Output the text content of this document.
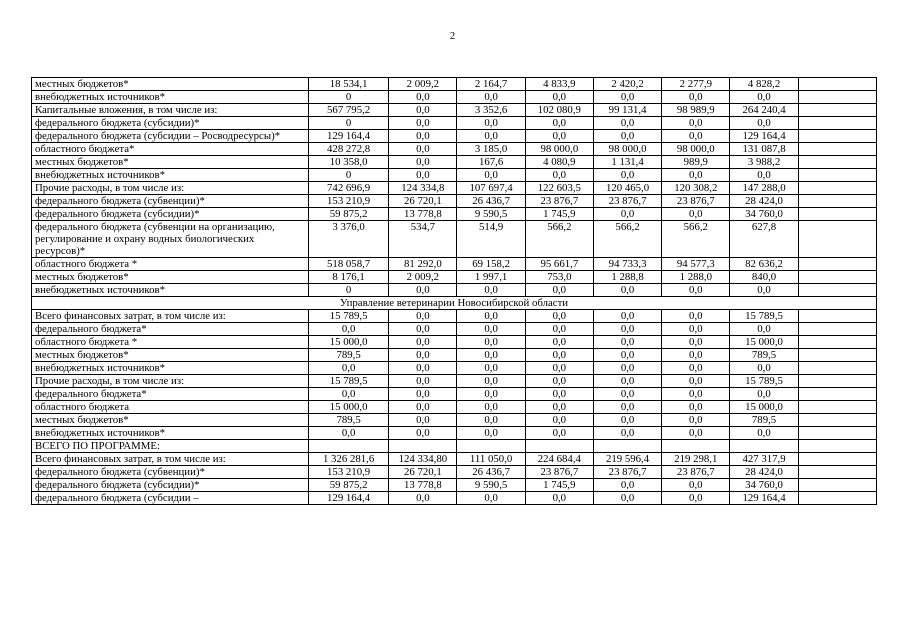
2
местных бюджетов*	18 534,1	2 009,2	2 164,7	4 833,9	2 420,2	2 277,9	4 828,2	
внебюджетных источников*	0	0,0	0,0	0,0	0,0	0,0	0,0	
Капитальные вложения, в том числе из:	567 795,2	0,0	3 352,6	102 080,9	99 131,4	98 989,9	264 240,4	
федерального бюджета (субсидии)*	0	0,0	0,0	0,0	0,0	0,0	0,0	
федерального бюджета (субсидии – Росводресурсы)*	129 164,4	0,0	0,0	0,0	0,0	0,0	129 164,4	
областного бюджета*	428 272,8	0,0	3 185,0	98 000,0	98 000,0	98 000,0	131 087,8	
местных бюджетов*	10 358,0	0,0	167,6	4 080,9	1 131,4	989,9	3 988,2	
внебюджетных источников*	0	0,0	0,0	0,0	0,0	0,0	0,0	
Прочие расходы, в том числе из:	742 696,9	124 334,8	107 697,4	122 603,5	120 465,0	120 308,2	147 288,0	
федерального бюджета (субвенции)*	153 210,9	26 720,1	26 436,7	23 876,7	23 876,7	23 876,7	28 424,0	
федерального бюджета (субсидии)*	59 875,2	13 778,8	9 590,5	1 745,9	0,0	0,0	34 760,0	
федерального бюджета (субвенции на организацию, регулирование и охрану водных биологических ресурсов)*	3 376,0	534,7	514,9	566,2	566,2	566,2	627,8	
областного бюджета *	518 058,7	81 292,0	69 158,2	95 661,7	94 733,3	94 577,3	82 636,2	
местных бюджетов*	8 176,1	2 009,2	1 997,1	753,0	1 288,8	1 288,0	840,0	
внебюджетных источников*	0	0,0	0,0	0,0	0,0	0,0	0,0	
Управление ветеринарии Новосибирской области								
Всего финансовых затрат, в том числе из:	15 789,5	0,0	0,0	0,0	0,0	0,0	15 789,5	
федерального бюджета*	0,0	0,0	0,0	0,0	0,0	0,0	0,0	
областного бюджета *	15 000,0	0,0	0,0	0,0	0,0	0,0	15 000,0	
местных бюджетов*	789,5	0,0	0,0	0,0	0,0	0,0	789,5	
внебюджетных источников*	0,0	0,0	0,0	0,0	0,0	0,0	0,0	
Прочие расходы, в том числе из:	15 789,5	0,0	0,0	0,0	0,0	0,0	15 789,5	
федерального бюджета*	0,0	0,0	0,0	0,0	0,0	0,0	0,0	
областного бюджета	15 000,0	0,0	0,0	0,0	0,0	0,0	15 000,0	
местных бюджетов*	789,5	0,0	0,0	0,0	0,0	0,0	789,5	
внебюджетных источников*	0,0	0,0	0,0	0,0	0,0	0,0	0,0	
ВСЕГО ПО ПРОГРАММЕ:								
Всего финансовых затрат, в том числе из:	1 326 281,6	124 334,80	111 050,0	224 684,4	219 596,4	219 298,1	427 317,9	
федерального бюджета (субвенции)*	153 210,9	26 720,1	26 436,7	23 876,7	23 876,7	23 876,7	28 424,0	
федерального бюджета (субсидии)*	59 875,2	13 778,8	9 590,5	1 745,9	0,0	0,0	34 760,0	
федерального бюджета (субсидии –	129 164,4	0,0	0,0	0,0	0,0	0,0	129 164,4	
